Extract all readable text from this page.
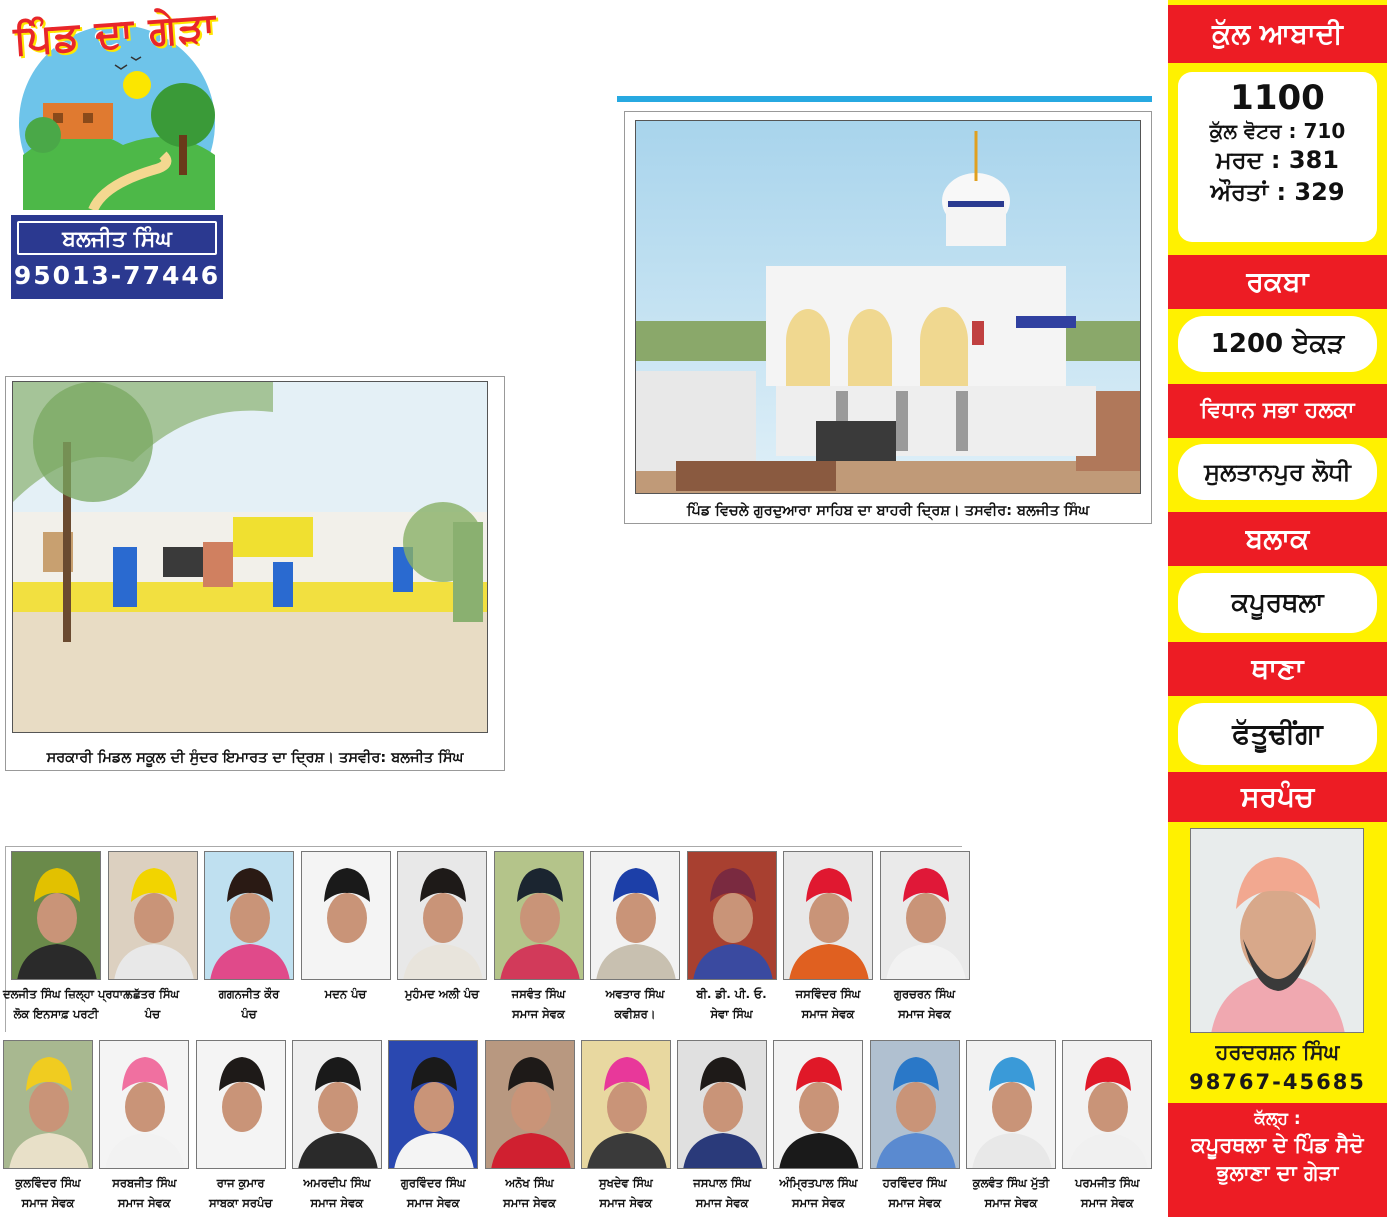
ਪਿੰਡ ਦਾ ਗੇੜਾ
ਬਲਜੀਤ ਸਿੰਘ
95013-77446
ਪਿੰਡ ਵਿਚਲੇ ਗੁਰਦੁਆਰਾ ਸਾਹਿਬ ਦਾ ਬਾਹਰੀ ਦ੍ਰਿਸ਼। ਤਸਵੀਰ: ਬਲਜੀਤ ਸਿੰਘ
ਸਰਕਾਰੀ ਮਿਡਲ ਸਕੂਲ ਦੀ ਸੁੰਦਰ ਇਮਾਰਤ ਦਾ ਦ੍ਰਿਸ਼। ਤਸਵੀਰ: ਬਲਜੀਤ ਸਿੰਘ
ਕੁੱਲ ਆਬਾਦੀ
1100
ਕੁੱਲ ਵੋਟਰ : 710
ਮਰਦ : 381
ਔਰਤਾਂ : 329
ਰਕਬਾ
1200 ਏਕੜ
ਵਿਧਾਨ ਸਭਾ ਹਲਕਾ
ਸੁਲਤਾਨਪੁਰ ਲੋਧੀ
ਬਲਾਕ
ਕਪੂਰਥਲਾ
ਥਾਣਾ
ਫੱਤੂਢੀਂਗਾ
ਸਰਪੰਚ
ਹਰਦਰਸ਼ਨ ਸਿੰਘ
98767-45685
ਕੱਲ੍ਹ :
ਕਪੂਰਥਲਾ ਦੇ ਪਿੰਡ ਸੈਦੋ ਭੁਲਾਣਾ ਦਾ ਗੇੜਾ
ਦਲਜੀਤ ਸਿੰਘ ਜ਼ਿਲ੍ਹਾ ਪ੍ਰਧਾਨ
ਲੋਕ ਇਨਸਾਫ਼ ਪਰਟੀ
ਨਛੱਤਰ ਸਿੰਘ
ਪੰਚ
ਗਗਨਜੀਤ ਕੌਰ
ਪੰਚ
ਮਦਨ ਪੰਚ	ਮੁਹੰਮਦ ਅਲੀ ਪੰਚ	ਜਸਵੰਤ ਸਿੰਘ
ਸਮਾਜ ਸੇਵਕ
ਅਵਤਾਰ ਸਿੰਘ
ਕਵੀਸ਼ਰ।
ਬੀ. ਡੀ. ਪੀ. ਓ.
ਸੇਵਾ ਸਿੰਘ
ਜਸਵਿੰਦਰ ਸਿੰਘ
ਸਮਾਜ ਸੇਵਕ
ਗੁਰਚਰਨ ਸਿੰਘ
ਸਮਾਜ ਸੇਵਕ
ਕੁਲਵਿੰਦਰ ਸਿੰਘ
ਸਮਾਜ ਸੇਵਕ
ਸਰਬਜੀਤ ਸਿੰਘ
ਸਮਾਜ ਸੇਵਕ
ਰਾਜ ਕੁਮਾਰ
ਸਾਬਕਾ ਸਰਪੰਚ
ਅਮਰਦੀਪ ਸਿੰਘ
ਸਮਾਜ ਸੇਵਕ
ਗੁਰਵਿੰਦਰ ਸਿੰਘ
ਸਮਾਜ ਸੇਵਕ
ਅਨੋਖ ਸਿੰਘ
ਸਮਾਜ ਸੇਵਕ
ਸੁਖਦੇਵ ਸਿੰਘ
ਸਮਾਜ ਸੇਵਕ
ਜਸਪਾਲ ਸਿੰਘ
ਸਮਾਜ ਸੇਵਕ
ਅੰਮ੍ਰਿਤਪਾਲ ਸਿੰਘ
ਸਮਾਜ ਸੇਵਕ
ਹਰਵਿੰਦਰ ਸਿੰਘ
ਸਮਾਜ ਸੇਵਕ
ਕੁਲਵੰਤ ਸਿੰਘ ਮੁੱਤੀ
ਸਮਾਜ ਸੇਵਕ
ਪਰਮਜੀਤ ਸਿੰਘ
ਸਮਾਜ ਸੇਵਕ
